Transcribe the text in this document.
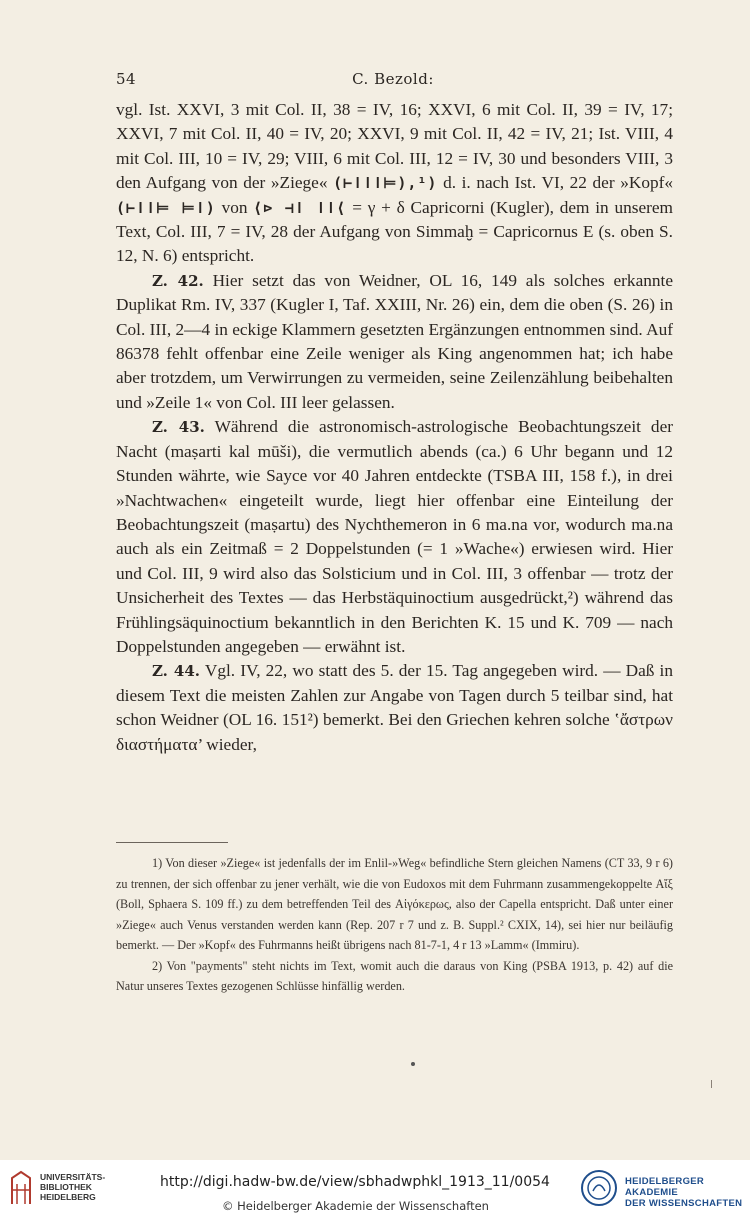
54	C. Bezold:

vgl. Ist. XXVI, 3 mit Col. II, 38 = IV, 16; XXVI, 6 mit Col. II, 39 = IV, 17; XXVI, 7 mit Col. II, 40 = IV, 20; XXVI, 9 mit Col. II, 42 = IV, 21; Ist. VIII, 4 mit Col. III, 10 = IV, 29; VIII, 6 mit Col. III, 12 = IV, 30 und besonders VIII, 3 den Aufgang von der »Ziege« (⊢ǀǀǀ⊨),¹) d. i. nach Ist. VI, 22 der »Kopf« (⊢ǀǀ⊨ ⊨ǀ) von ⟨⊳ ⊣ǀ ǀǀ⟨ = γ + δ Capricorni (Kugler), dem in unserem Text, Col. III, 7 = IV, 28 der Aufgang von Simmaḫ = Capricornus E (s. oben S. 12, N. 6) entspricht.

Z. 42. Hier setzt das von Weidner, OL 16, 149 als solches erkannte Duplikat Rm. IV, 337 (Kugler I, Taf. XXIII, Nr. 26) ein, dem die oben (S. 26) in Col. III, 2—4 in eckige Klammern gesetzten Ergänzungen entnommen sind. Auf 86378 fehlt offenbar eine Zeile weniger als King angenommen hat; ich habe aber trotzdem, um Verwirrungen zu vermeiden, seine Zeilenzählung beibehalten und »Zeile 1« von Col. III leer gelassen.

Z. 43. Während die astronomisch-astrologische Beobachtungszeit der Nacht (maṣarti kal mūši), die vermutlich abends (ca.) 6 Uhr begann und 12 Stunden währte, wie Sayce vor 40 Jahren entdeckte (TSBA III, 158 f.), in drei »Nachtwachen« eingeteilt wurde, liegt hier offenbar eine Einteilung der Beobachtungszeit (maṣartu) des Nychthemeron in 6 ma.na vor, wodurch ma.na auch als ein Zeitmaß = 2 Doppelstunden (= 1 »Wache«) erwiesen wird. Hier und Col. III, 9 wird also das Solsticium und in Col. III, 3 offenbar — trotz der Unsicherheit des Textes — das Herbstäquinoctium ausgedrückt,²) während das Frühlingsäquinoctium bekanntlich in den Berichten K. 15 und K. 709 — nach Doppelstunden angegeben — erwähnt ist.

Z. 44. Vgl. IV, 22, wo statt des 5. der 15. Tag angegeben wird. — Daß in diesem Text die meisten Zahlen zur Angabe von Tagen durch 5 teilbar sind, hat schon Weidner (OL 16. 151²) bemerkt. Bei den Griechen kehren solche ʽἄστρων διαστήματα’ wieder,

1) Von dieser »Ziege« ist jedenfalls der im Enlil-»Weg« befindliche Stern gleichen Namens (CT 33, 9 r 6) zu trennen, der sich offenbar zu jener verhält, wie die von Eudoxos mit dem Fuhrmann zusammengekoppelte Αἴξ (Boll, Sphaera S. 109 ff.) zu dem betreffenden Teil des Αἰγόκερως, also der Capella entspricht. Daß unter einer »Ziege« auch Venus verstanden werden kann (Rep. 207 r 7 und z. B. Suppl.² CXIX, 14), sei hier nur beiläufig bemerkt. — Der »Kopf« des Fuhrmanns heißt übrigens nach 81-7-1, 4 r 13 »Lamm« (Immiru).

2) Von "payments" steht nichts im Text, womit auch die daraus von King (PSBA 1913, p. 42) auf die Natur unseres Textes gezogenen Schlüsse hinfällig werden.

UNIVERSITÄTS-
BIBLIOTHEK
HEIDELBERG
http://digi.hadw-bw.de/view/sbhadwphkl_1913_11/0054
© Heidelberger Akademie der Wissenschaften
HEIDELBERGER AKADEMIE
DER WISSENSCHAFTEN
